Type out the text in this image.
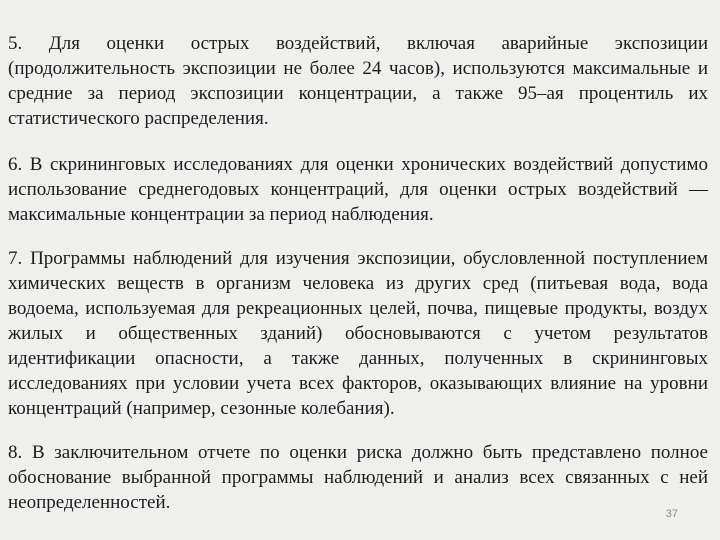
5. Для оценки острых воздействий, включая аварийные экспозиции (продолжительность экспозиции не более 24 часов), используются максимальные и средние за период экспозиции концентрации, а также 95–ая процентиль их статистического распределения.

6. В скрининговых исследованиях для оценки хронических воздействий допустимо использование среднегодовых концентраций, для оценки острых воздействий — максимальные концентрации за период наблюдения.

7. Программы наблюдений для изучения экспозиции, обусловленной поступлением химических веществ в организм человека из других сред (питьевая вода, вода водоема, используемая для рекреационных целей, почва, пищевые продукты, воздух жилых и общественных зданий) обосновываются с учетом результатов идентификации опасности, а также данных, полученных в скрининговых исследованиях при условии учета всех факторов, оказывающих влияние на уровни концентраций (например, сезонные колебания).

8. В заключительном отчете по оценки риска должно быть представлено полное обоснование выбранной программы наблюдений и анализ всех связанных с ней неопределенностей.

37
